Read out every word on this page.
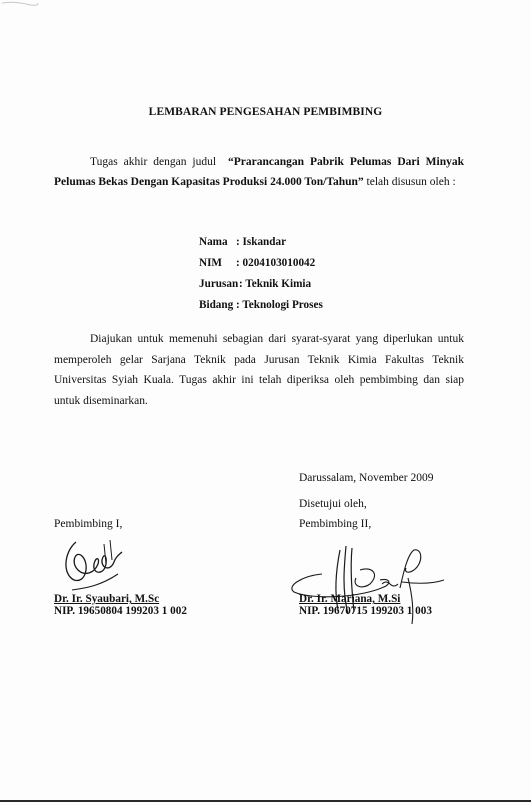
LEMBARAN PENGESAHAN PEMBIMBING
Tugas akhir dengan judul “Prarancangan Pabrik Pelumas Dari Minyak Pelumas Bekas Dengan Kapasitas Produksi 24.000 Ton/Tahun” telah disusun oleh :
Nama : Iskandar
NIM	: 0204103010042
Jurusan : Teknik Kimia
Bidang : Teknologi Proses
Diajukan untuk memenuhi sebagian dari syarat-syarat yang diperlukan untuk memperoleh gelar Sarjana Teknik pada Jurusan Teknik Kimia Fakultas Teknik Universitas Syiah Kuala. Tugas akhir ini telah diperiksa oleh pembimbing dan siap untuk diseminarkan.
Darussalam, November 2009
Disetujui oleh,
Pembimbing I,	Pembimbing II,
Dr. Ir. Syaubari, M.Sc
NIP. 19650804 199203 1 002
Dr. Ir. Mariana, M.Si
NIP. 19670715 199203 1 003
